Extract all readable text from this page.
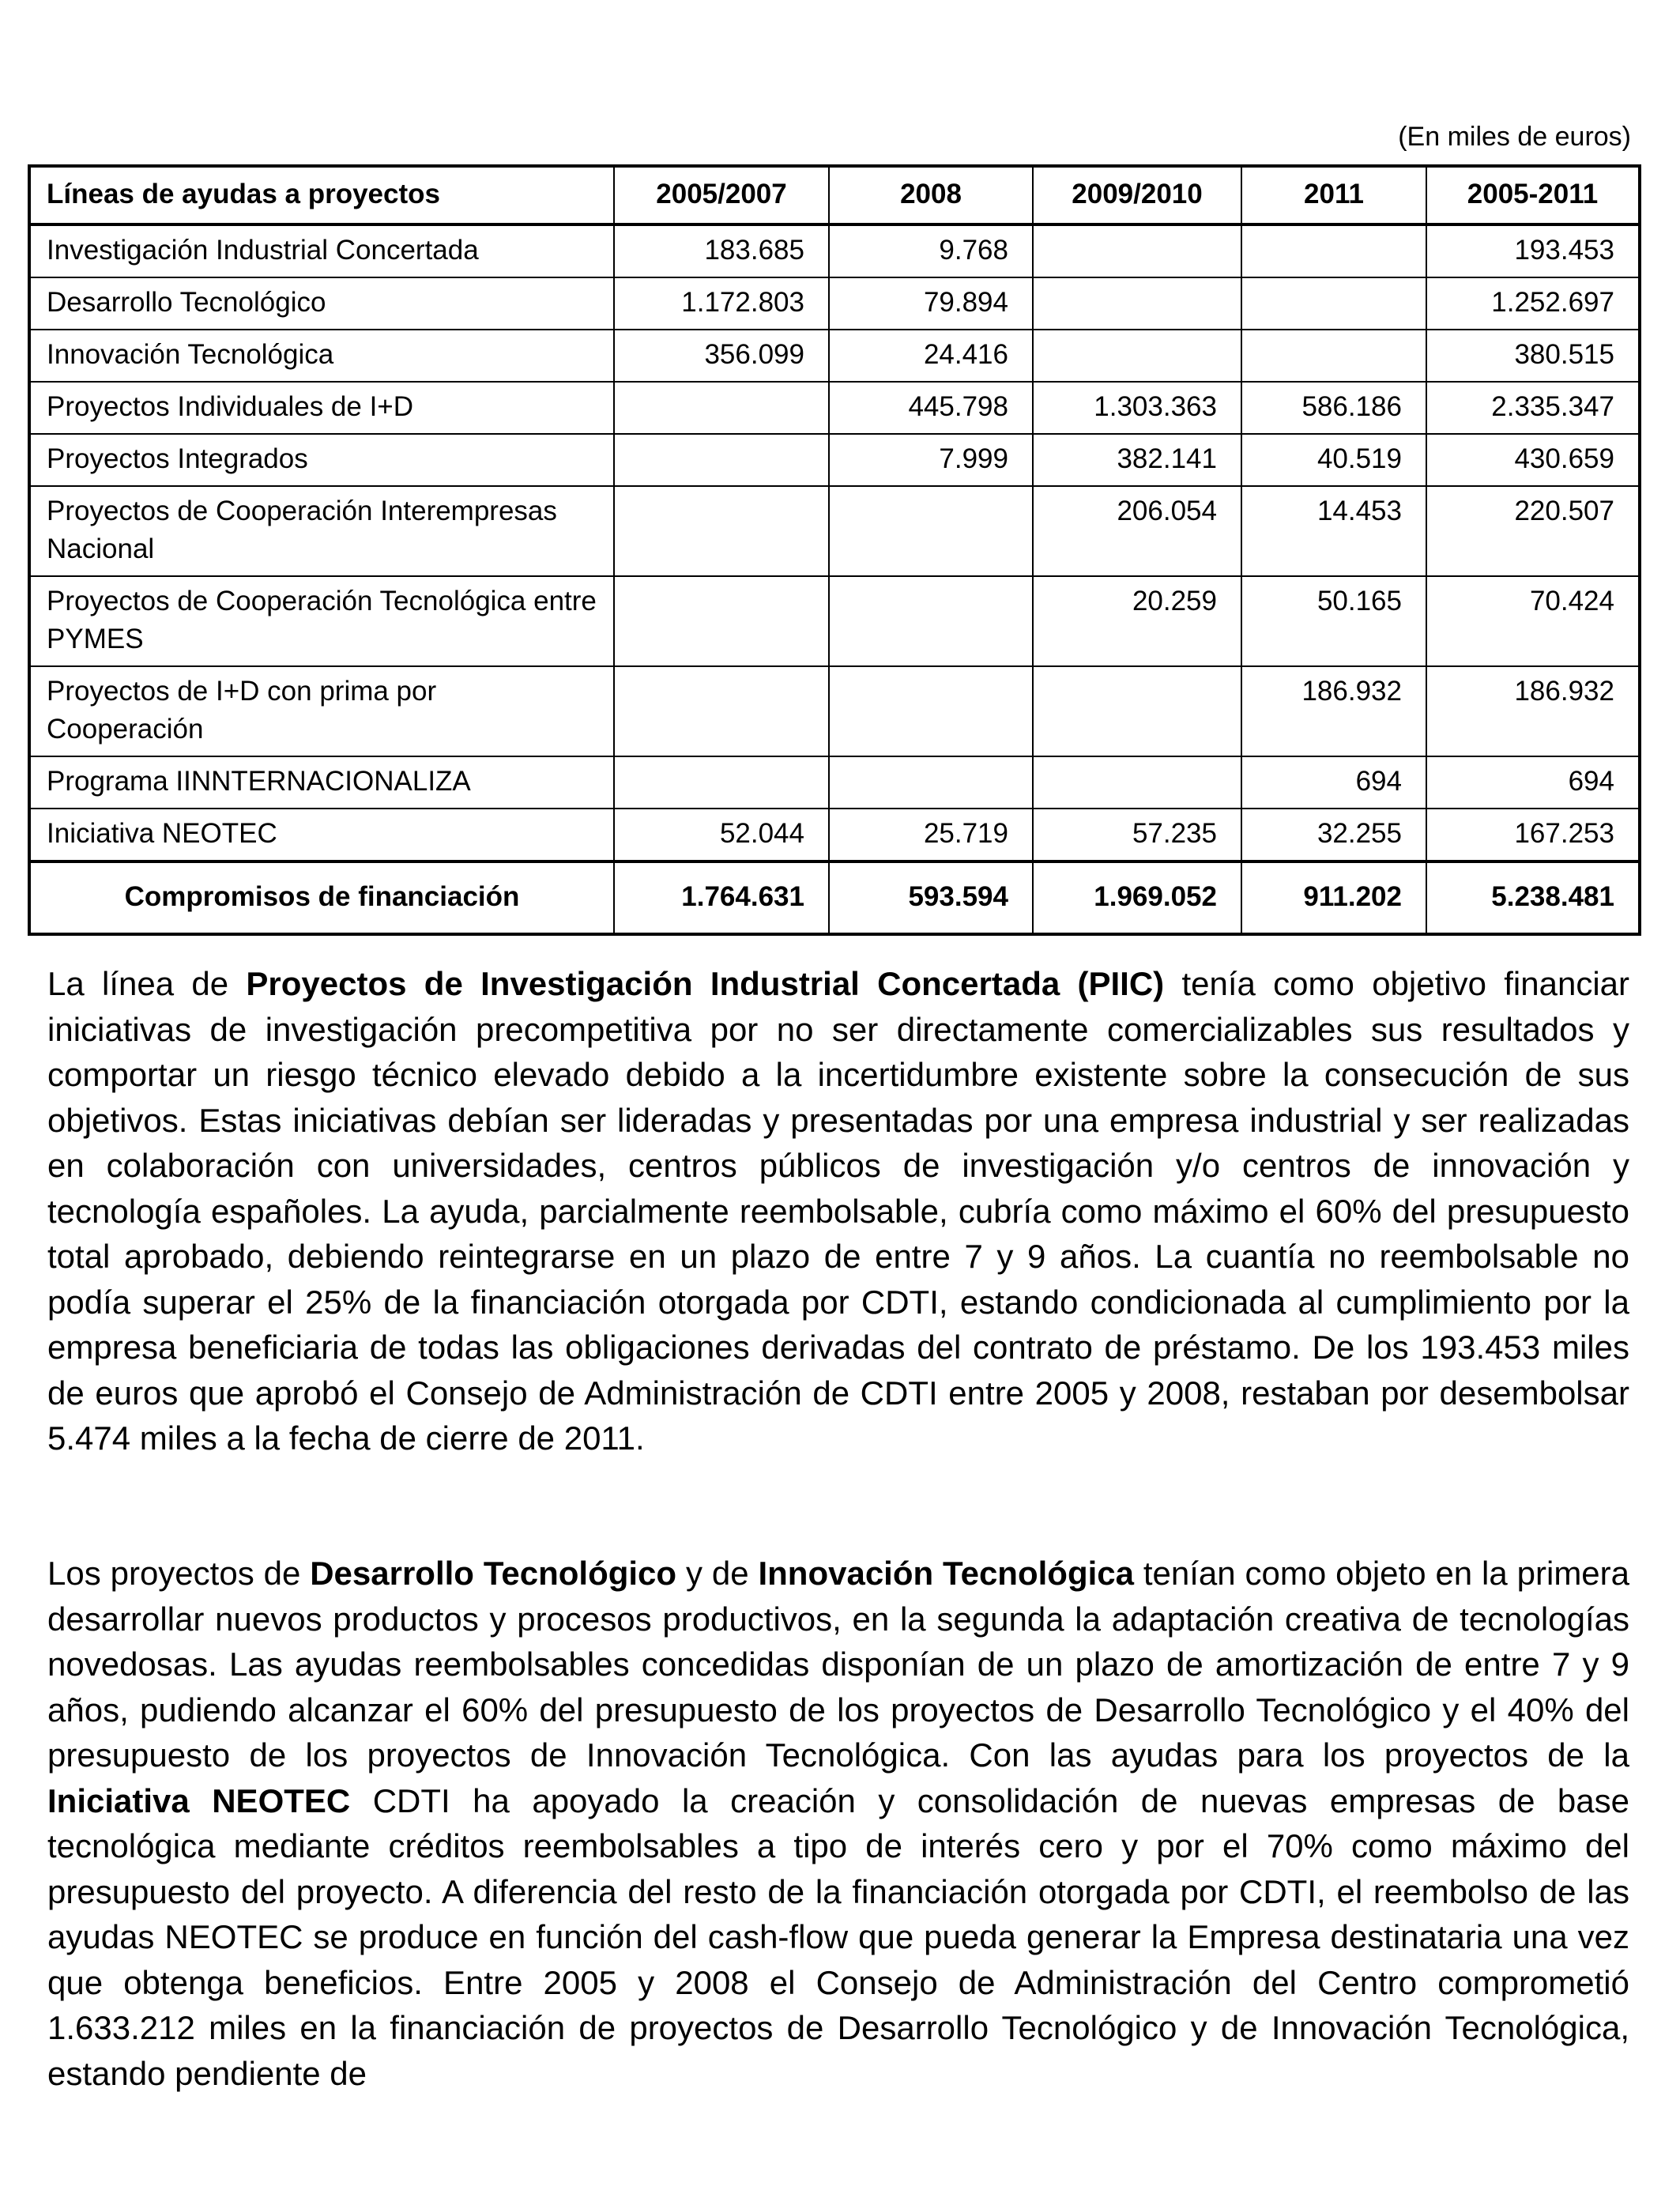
(En miles de euros)
Líneas de ayudas a proyectos	2005/2007	2008	2009/2010	2011	2005-2011
Investigación Industrial Concertada	183.685	9.768			193.453
Desarrollo Tecnológico	1.172.803	79.894			1.252.697
Innovación Tecnológica	356.099	24.416			380.515
Proyectos Individuales de I+D		445.798	1.303.363	586.186	2.335.347
Proyectos Integrados		7.999	382.141	40.519	430.659
Proyectos de Cooperación Interempresas Nacional			206.054	14.453	220.507
Proyectos de Cooperación Tecnológica entre PYMES			20.259	50.165	70.424
Proyectos de I+D con prima por Cooperación				186.932	186.932
Programa IINNTERNACIONALIZA				694	694
Iniciativa NEOTEC	52.044	25.719	57.235	32.255	167.253
Compromisos de financiación	1.764.631	593.594	1.969.052	911.202	5.238.481

La línea de Proyectos de Investigación Industrial Concertada (PIIC) tenía como objetivo financiar iniciativas de investigación precompetitiva por no ser directamente comercializables sus resultados y comportar un riesgo técnico elevado debido a la incertidumbre existente sobre la consecución de sus objetivos. Estas iniciativas debían ser lideradas y presentadas por una empresa industrial y ser realizadas en colaboración con universidades, centros públicos de investigación y/o centros de innovación y tecnología españoles. La ayuda, parcialmente reembolsable, cubría como máximo el 60% del presupuesto total aprobado, debiendo reintegrarse en un plazo de entre 7 y 9 años. La cuantía no reembolsable no podía superar el 25% de la financiación otorgada por CDTI, estando condicionada al cumplimiento por la empresa beneficiaria de todas las obligaciones derivadas del contrato de préstamo. De los 193.453 miles de euros que aprobó el Consejo de Administración de CDTI entre 2005 y 2008, restaban por desembolsar 5.474 miles a la fecha de cierre de 2011.

Los proyectos de Desarrollo Tecnológico y de Innovación Tecnológica tenían como objeto en la primera desarrollar nuevos productos y procesos productivos, en la segunda la adaptación creativa de tecnologías novedosas. Las ayudas reembolsables concedidas disponían de un plazo de amortización de entre 7 y 9 años, pudiendo alcanzar el 60% del presupuesto de los proyectos de Desarrollo Tecnológico y el 40% del presupuesto de los proyectos de Innovación Tecnológica. Con las ayudas para los proyectos de la Iniciativa NEOTEC CDTI ha apoyado la creación y consolidación de nuevas empresas de base tecnológica mediante créditos reembolsables a tipo de interés cero y por el 70% como máximo del presupuesto del proyecto. A diferencia del resto de la financiación otorgada por CDTI, el reembolso de las ayudas NEOTEC se produce en función del cash-flow que pueda generar la Empresa destinataria una vez que obtenga beneficios. Entre 2005 y 2008 el Consejo de Administración del Centro comprometió 1.633.212 miles en la financiación de proyectos de Desarrollo Tecnológico y de Innovación Tecnológica, estando pendiente de
